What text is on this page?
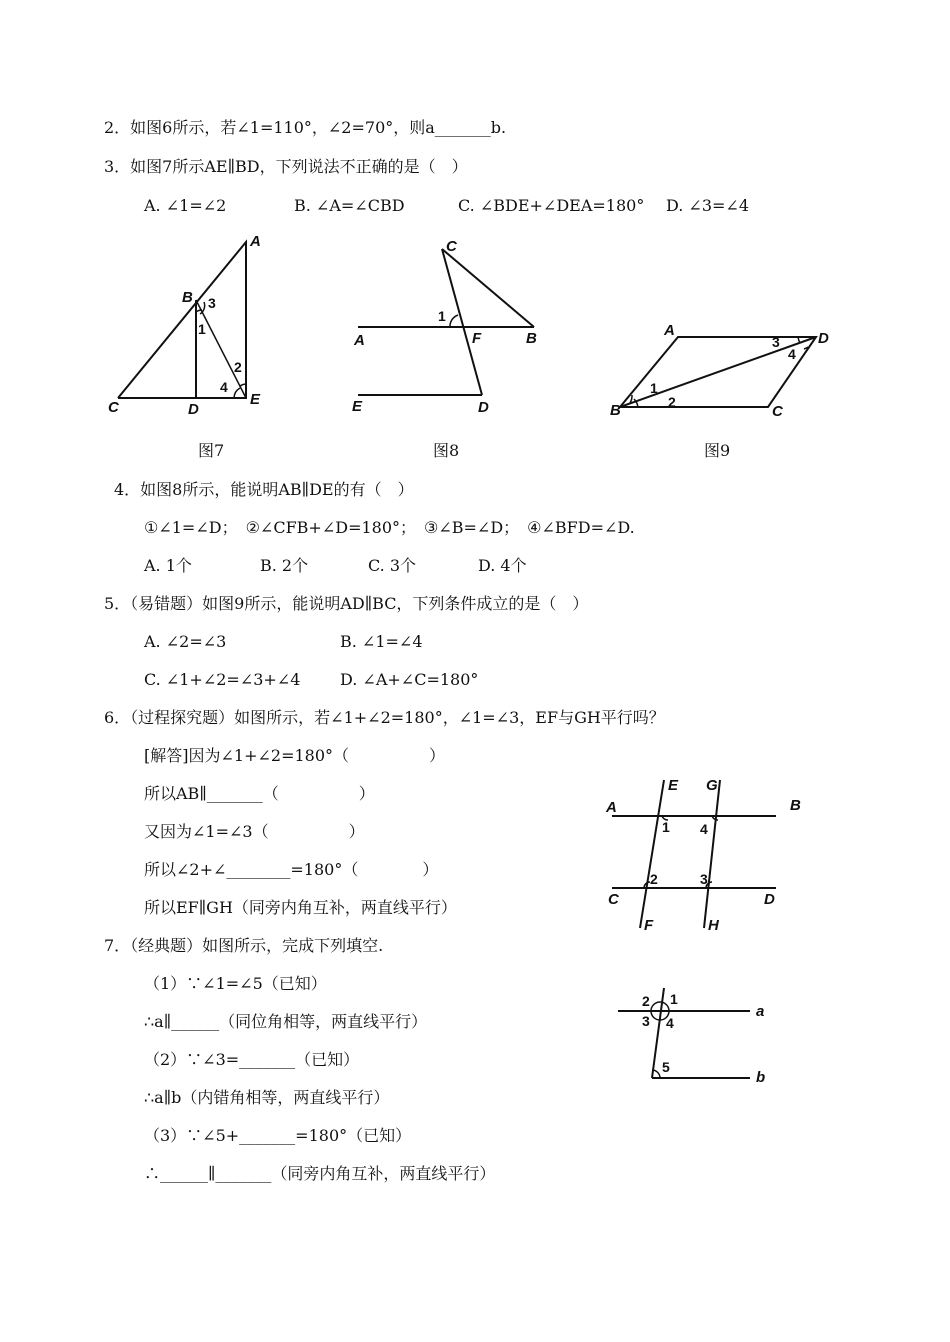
2．如图6所示，若∠1=110°，∠2=70°，则a_______b.
3．如图7所示AE∥BD，下列说法不正确的是（　）
A. ∠1=∠2	B. ∠A=∠CBD	C. ∠BDE+∠DEA=180° D. ∠3=∠4
A
B
C	D
E
1
2
3
4
图7
C
A	F	B
E	D
1
图8
A	D
B	C
1
2
3
4
图9
4．如图8所示，能说明AB∥DE的有（　）
①∠1=∠D；　②∠CFB+∠D=180°；　③∠B=∠D；　④∠BFD=∠D.
A. 1个	B. 2个	C. 3个	D. 4个
5．（易错题）如图9所示，能说明AD∥BC，下列条件成立的是（　）
A. ∠2=∠3	B. ∠1=∠4
C. ∠1+∠2=∠3+∠4 D. ∠A+∠C=180°
6．（过程探究题）如图所示，若∠1+∠2=180°，∠1=∠3，EF与GH平行吗？
[解答]因为∠1+∠2=180°（　　　　　）
所以AB∥_______（　　　　　）
又因为∠1=∠3（　　　　　）
所以∠2+∠________=180°（　　　　）
所以EF∥GH（同旁内角互补，两直线平行）
E G
A	B
1 4
2	3
C	D
F	H
7．（经典题）如图所示，完成下列填空.
（1）∵∠1=∠5（已知）
∴a∥______（同位角相等，两直线平行）
（2）∵∠3=_______（已知）
∴a∥b（内错角相等，两直线平行）
（3）∵∠5+_______=180°（已知）
∴______∥_______（同旁内角互补，两直线平行）
2 1
3 4
5
a
b
